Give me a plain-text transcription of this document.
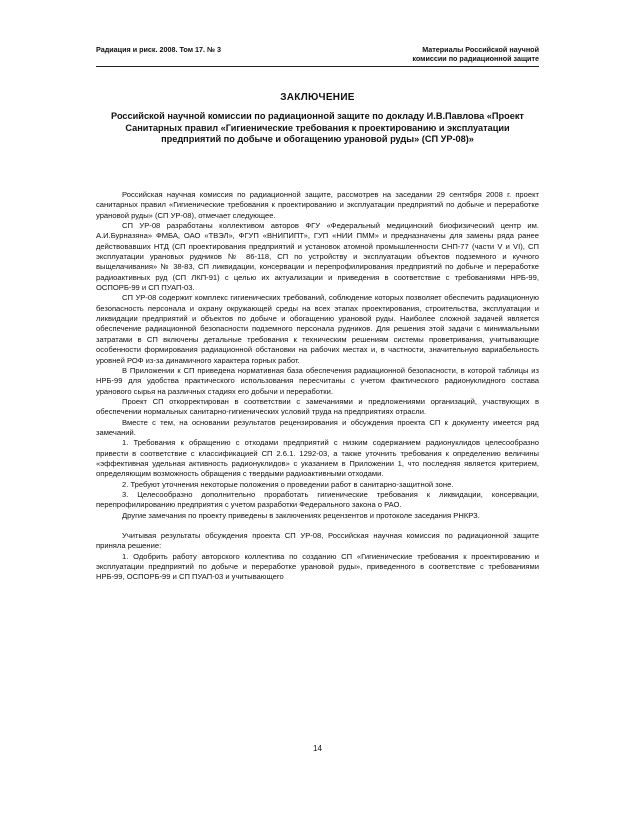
Радиация и риск. 2008. Том 17. № 3	Материалы Российской научной
комиссии по радиационной защите
ЗАКЛЮЧЕНИЕ
Российской научной комиссии по радиационной защите по докладу И.В.Павлова «Проект Санитарных правил «Гигиенические требования к проектированию и эксплуатации предприятий по добыче и обогащению урановой руды» (СП УР-08)»

Российская научная комиссия по радиационной защите, рассмотрев на заседании 29 сентября 2008 г. проект санитарных правил «Гигиенические требования к проектированию и эксплуатации предприятий по добыче и переработке урановой руды» (СП УР-08), отмечает следующее.

СП УР-08 разработаны коллективом авторов ФГУ «Федеральный медицинский биофизический центр им. А.И.Бурназяна» ФМБА, ОАО «ТВЭЛ», ФГУП «ВНИПИПТ», ГУП «НИИ ПММ» и предназначены для замены ряда ранее действовавших НТД (СП проектирования предприятий и установок атомной промышленности СНП-77 (части V и VI), СП эксплуатации урановых рудников № 86-118, СП по устройству и эксплуатации объектов подземного и кучного выщелачивания» № 38-83, СП ликвидации, консервации и перепрофилирования предприятий по добыче и переработке радиоактивных руд (СП ЛКП-91) с целью их актуализации и приведения в соответствие с требованиями НРБ-99, ОСПОРБ-99 и СП ПУАП-03.

СП УР-08 содержит комплекс гигиенических требований, соблюдение которых позволяет обеспечить радиационную безопасность персонала и охрану окружающей среды на всех этапах проектирования, строительства, эксплуатации и ликвидации предприятий и объектов по добыче и обогащению урановой руды. Наиболее сложной задачей является обеспечение радиационной безопасности подземного персонала рудников. Для решения этой задачи с минимальными затратами в СП включены детальные требования к техническим решениям системы проветривания, учитывающие особенности формирования радиационной обстановки на рабочих местах и, в частности, значительную вариабельность уровней РОФ из-за динамичного характера горных работ.

В Приложении к СП приведена нормативная база обеспечения радиационной безопасности, в которой таблицы из НРБ-99 для удобства практического использования пересчитаны с учетом фактического радионуклидного состава уранового сырья на различных стадиях его добычи и переработки.

Проект СП откорректирован в соответствии с замечаниями и предложениями организаций, участвующих в обеспечении нормальных санитарно-гигиенических условий труда на предприятиях отрасли.

Вместе с тем, на основании результатов рецензирования и обсуждения проекта СП к документу имеется ряд замечаний.

1. Требования к обращению с отходами предприятий с низким содержанием радионуклидов целесообразно привести в соответствие с классификацией СП 2.6.1. 1292-03, а также уточнить требования к определению величины «эффективная удельная активность радионуклидов» с указанием в Приложении 1, что последняя является критерием, определяющим возможность обращения с твердыми радиоактивными отходами.

2. Требуют уточнения некоторые положения о проведении работ в санитарно-защитной зоне.

3. Целесообразно дополнительно проработать гигиенические требования к ликвидации, консервации, перепрофилированию предприятия с учетом разработки Федерального закона о РАО.

Другие замечания по проекту приведены в заключениях рецензентов и протоколе заседания РНКРЗ.

Учитывая результаты обсуждения проекта СП УР-08, Российская научная комиссия по радиационной защите приняла решение:

1. Одобрить работу авторского коллектива по созданию СП «Гигиенические требования к проектированию и эксплуатации предприятий по добыче и переработке урановой руды», приведенного в соответствие с требованиями НРБ-99, ОСПОРБ-99 и СП ПУАП-03 и учитывающего

14
